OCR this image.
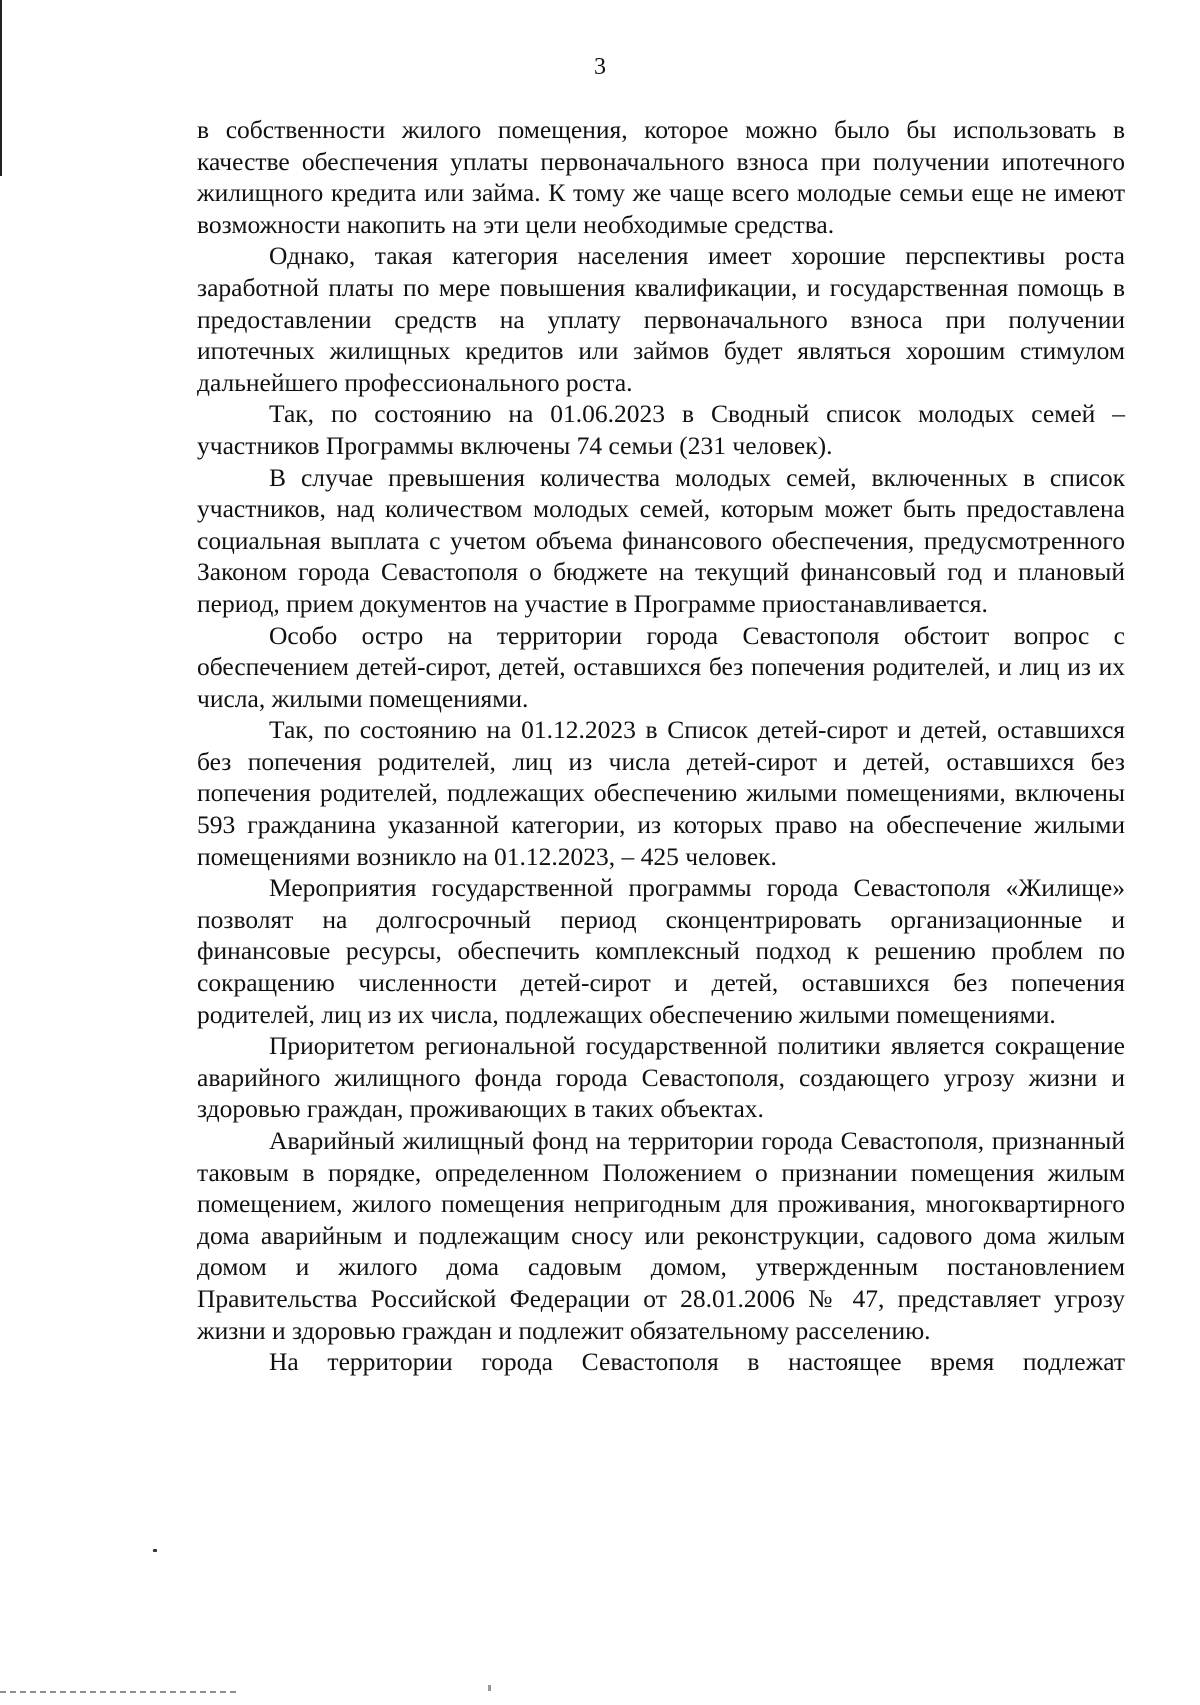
3

в собственности жилого помещения, которое можно было бы использовать в качестве обеспечения уплаты первоначального взноса при получении ипотечного жилищного кредита или займа. К тому же чаще всего молодые семьи еще не имеют возможности накопить на эти цели необходимые средства.

Однако, такая категория населения имеет хорошие перспективы роста заработной платы по мере повышения квалификации, и государственная помощь в предоставлении средств на уплату первоначального взноса при получении ипотечных жилищных кредитов или займов будет являться хорошим стимулом дальнейшего профессионального роста.

Так, по состоянию на 01.06.2023 в Сводный список молодых семей – участников Программы включены 74 семьи (231 человек).

В случае превышения количества молодых семей, включенных в список участников, над количеством молодых семей, которым может быть предоставлена социальная выплата с учетом объема финансового обеспечения, предусмотренного Законом города Севастополя о бюджете на текущий финансовый год и плановый период, прием документов на участие в Программе приостанавливается.

Особо остро на территории города Севастополя обстоит вопрос с обеспечением детей-сирот, детей, оставшихся без попечения родителей, и лиц из их числа, жилыми помещениями.

Так, по состоянию на 01.12.2023 в Список детей-сирот и детей, оставшихся без попечения родителей, лиц из числа детей-сирот и детей, оставшихся без попечения родителей, подлежащих обеспечению жилыми помещениями, включены 593 гражданина указанной категории, из которых право на обеспечение жилыми помещениями возникло на 01.12.2023, – 425 человек.

Мероприятия государственной программы города Севастополя «Жилище» позволят на долгосрочный период сконцентрировать организационные и финансовые ресурсы, обеспечить комплексный подход к решению проблем по сокращению численности детей-сирот и детей, оставшихся без попечения родителей, лиц из их числа, подлежащих обеспечению жилыми помещениями.

Приоритетом региональной государственной политики является сокращение аварийного жилищного фонда города Севастополя, создающего угрозу жизни и здоровью граждан, проживающих в таких объектах.

Аварийный жилищный фонд на территории города Севастополя, признанный таковым в порядке, определенном Положением о признании помещения жилым помещением, жилого помещения непригодным для проживания, многоквартирного дома аварийным и подлежащим сносу или реконструкции, садового дома жилым домом и жилого дома садовым домом, утвержденным постановлением Правительства Российской Федерации от 28.01.2006 № 47, представляет угрозу жизни и здоровью граждан и подлежит обязательному расселению.

На территории города Севастополя в настоящее время подлежат
